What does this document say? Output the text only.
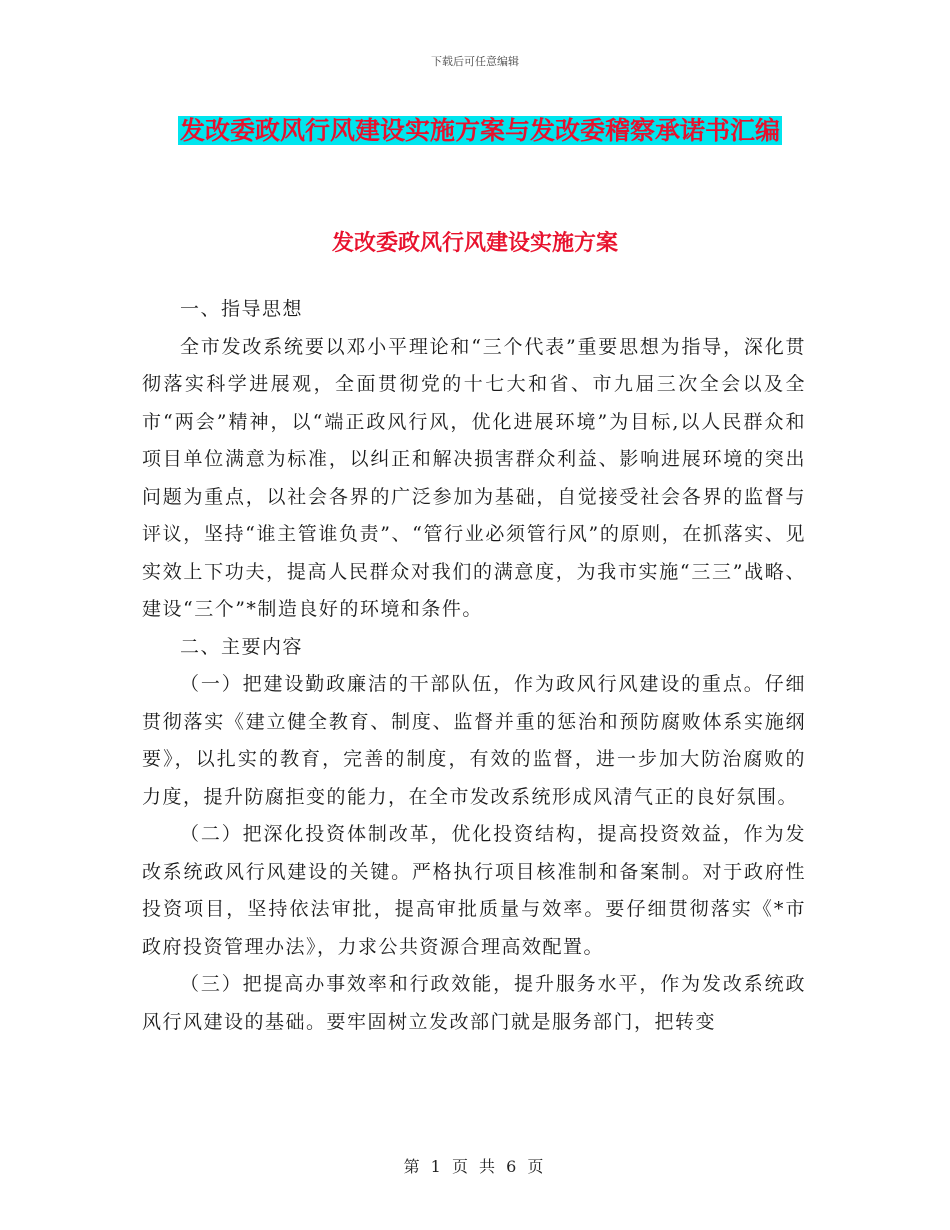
下载后可任意编辑
发改委政风行风建设实施方案与发改委稽察承诺书汇编
发改委政风行风建设实施方案

一、指导思想

全市发改系统要以邓小平理论和“三个代表”重要思想为指导，深化贯彻落实科学进展观，全面贯彻党的十七大和省、市九届三次全会以及全市“两会”精神，以“端正政风行风，优化进展环境”为目标,以人民群众和项目单位满意为标准，以纠正和解决损害群众利益、影响进展环境的突出问题为重点，以社会各界的广泛参加为基础，自觉接受社会各界的监督与评议，坚持“谁主管谁负责”、“管行业必须管行风”的原则，在抓落实、见实效上下功夫，提高人民群众对我们的满意度，为我市实施“三三”战略、建设“三个”*制造良好的环境和条件。

二、主要内容

（一）把建设勤政廉洁的干部队伍，作为政风行风建设的重点。仔细贯彻落实《建立健全教育、制度、监督并重的惩治和预防腐败体系实施纲要》，以扎实的教育，完善的制度，有效的监督，进一步加大防治腐败的力度，提升防腐拒变的能力，在全市发改系统形成风清气正的良好氛围。

（二）把深化投资体制改革，优化投资结构，提高投资效益，作为发改系统政风行风建设的关键。严格执行项目核准制和备案制。对于政府性投资项目，坚持依法审批，提高审批质量与效率。要仔细贯彻落实《*市政府投资管理办法》，力求公共资源合理高效配置。

（三）把提高办事效率和行政效能，提升服务水平，作为发改系统政风行风建设的基础。要牢固树立发改部门就是服务部门，把转变

第 1 页 共 6 页
